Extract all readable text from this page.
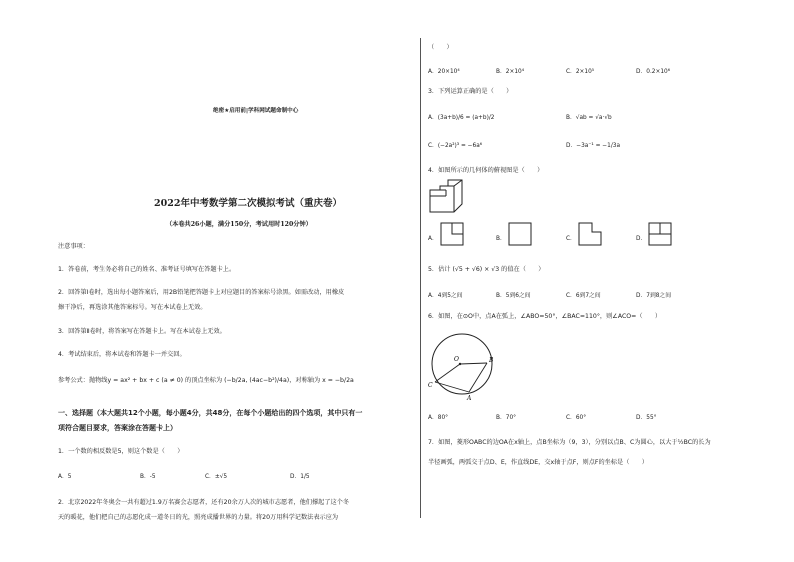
绝密★启用前|学科网试题命制中心
2022年中考数学第二次模拟考试（重庆卷）
（本卷共26小题，满分150分，考试用时120分钟）
注意事项：
1．答卷前，考生务必将自己的姓名、准考证号填写在答题卡上。
2．回答第Ⅰ卷时，选出每小题答案后，用2B铅笔把答题卡上对应题目的答案标号涂黑。如需改动，用橡皮
擦干净后，再选涂其他答案标号。写在本试卷上无效。
3．回答第Ⅱ卷时，将答案写在答题卡上。写在本试卷上无效。
4．考试结束后，将本试卷和答题卡一并交回。
参考公式：抛物线y = ax² + bx + c (a ≠ 0) 的顶点坐标为 (−b/2a, (4ac−b²)/4a)，对称轴为 x = −b/2a
一、选择题（本大题共12个小题，每小题4分，共48分，在每个小题给出的四个选项，其中只有一
项符合题目要求，答案涂在答题卡上）
1．一个数的相反数是5，则这个数是（　　）
A．5	B．-5	C．±√5	D．1/5
2．北京2022年冬奥会一共有超过1.9万名赛会志愿者，还有20余万人次的城市志愿者，他们撑起了这个冬
天的暖花，他们把自己的志愿化成一道冬日的光，照亮成播世界的力量。将20万用科学记数法表示应为
（　　）
A．20×10⁴	B．2×10⁴	C．2×10⁵	D．0.2×10⁶
3．下列运算正确的是（　　）
A．(3a+b)/6 = (a+b)/2	B．√ab = √a·√b
C．(−2a²)³ = −6a⁶	D．−3a⁻¹ = −1/3a
4．如图所示的几何体的俯视图是（　　）
A．	B．	C．	D．
5．估计 (√5 + √6) × √3 的值在（　　）
A．4到5之间	B．5到6之间	C．6到7之间	D．7到8之间
6．如图，在⊙O中，点A在弧上，∠ABO=50°，∠BAC=110°，则∠ACO=（　　）
O	B
C
A
A．80°	B．70°	C．60°	D．55°
7．如图，菱形OABC的边OA在x轴上，点B坐标为（9，3），分别以点B、C为圆心，以大于½BC的长为
半径画弧，两弧交于点D、E，作直线DE，交x轴于点F，则点F的坐标是（　　）
